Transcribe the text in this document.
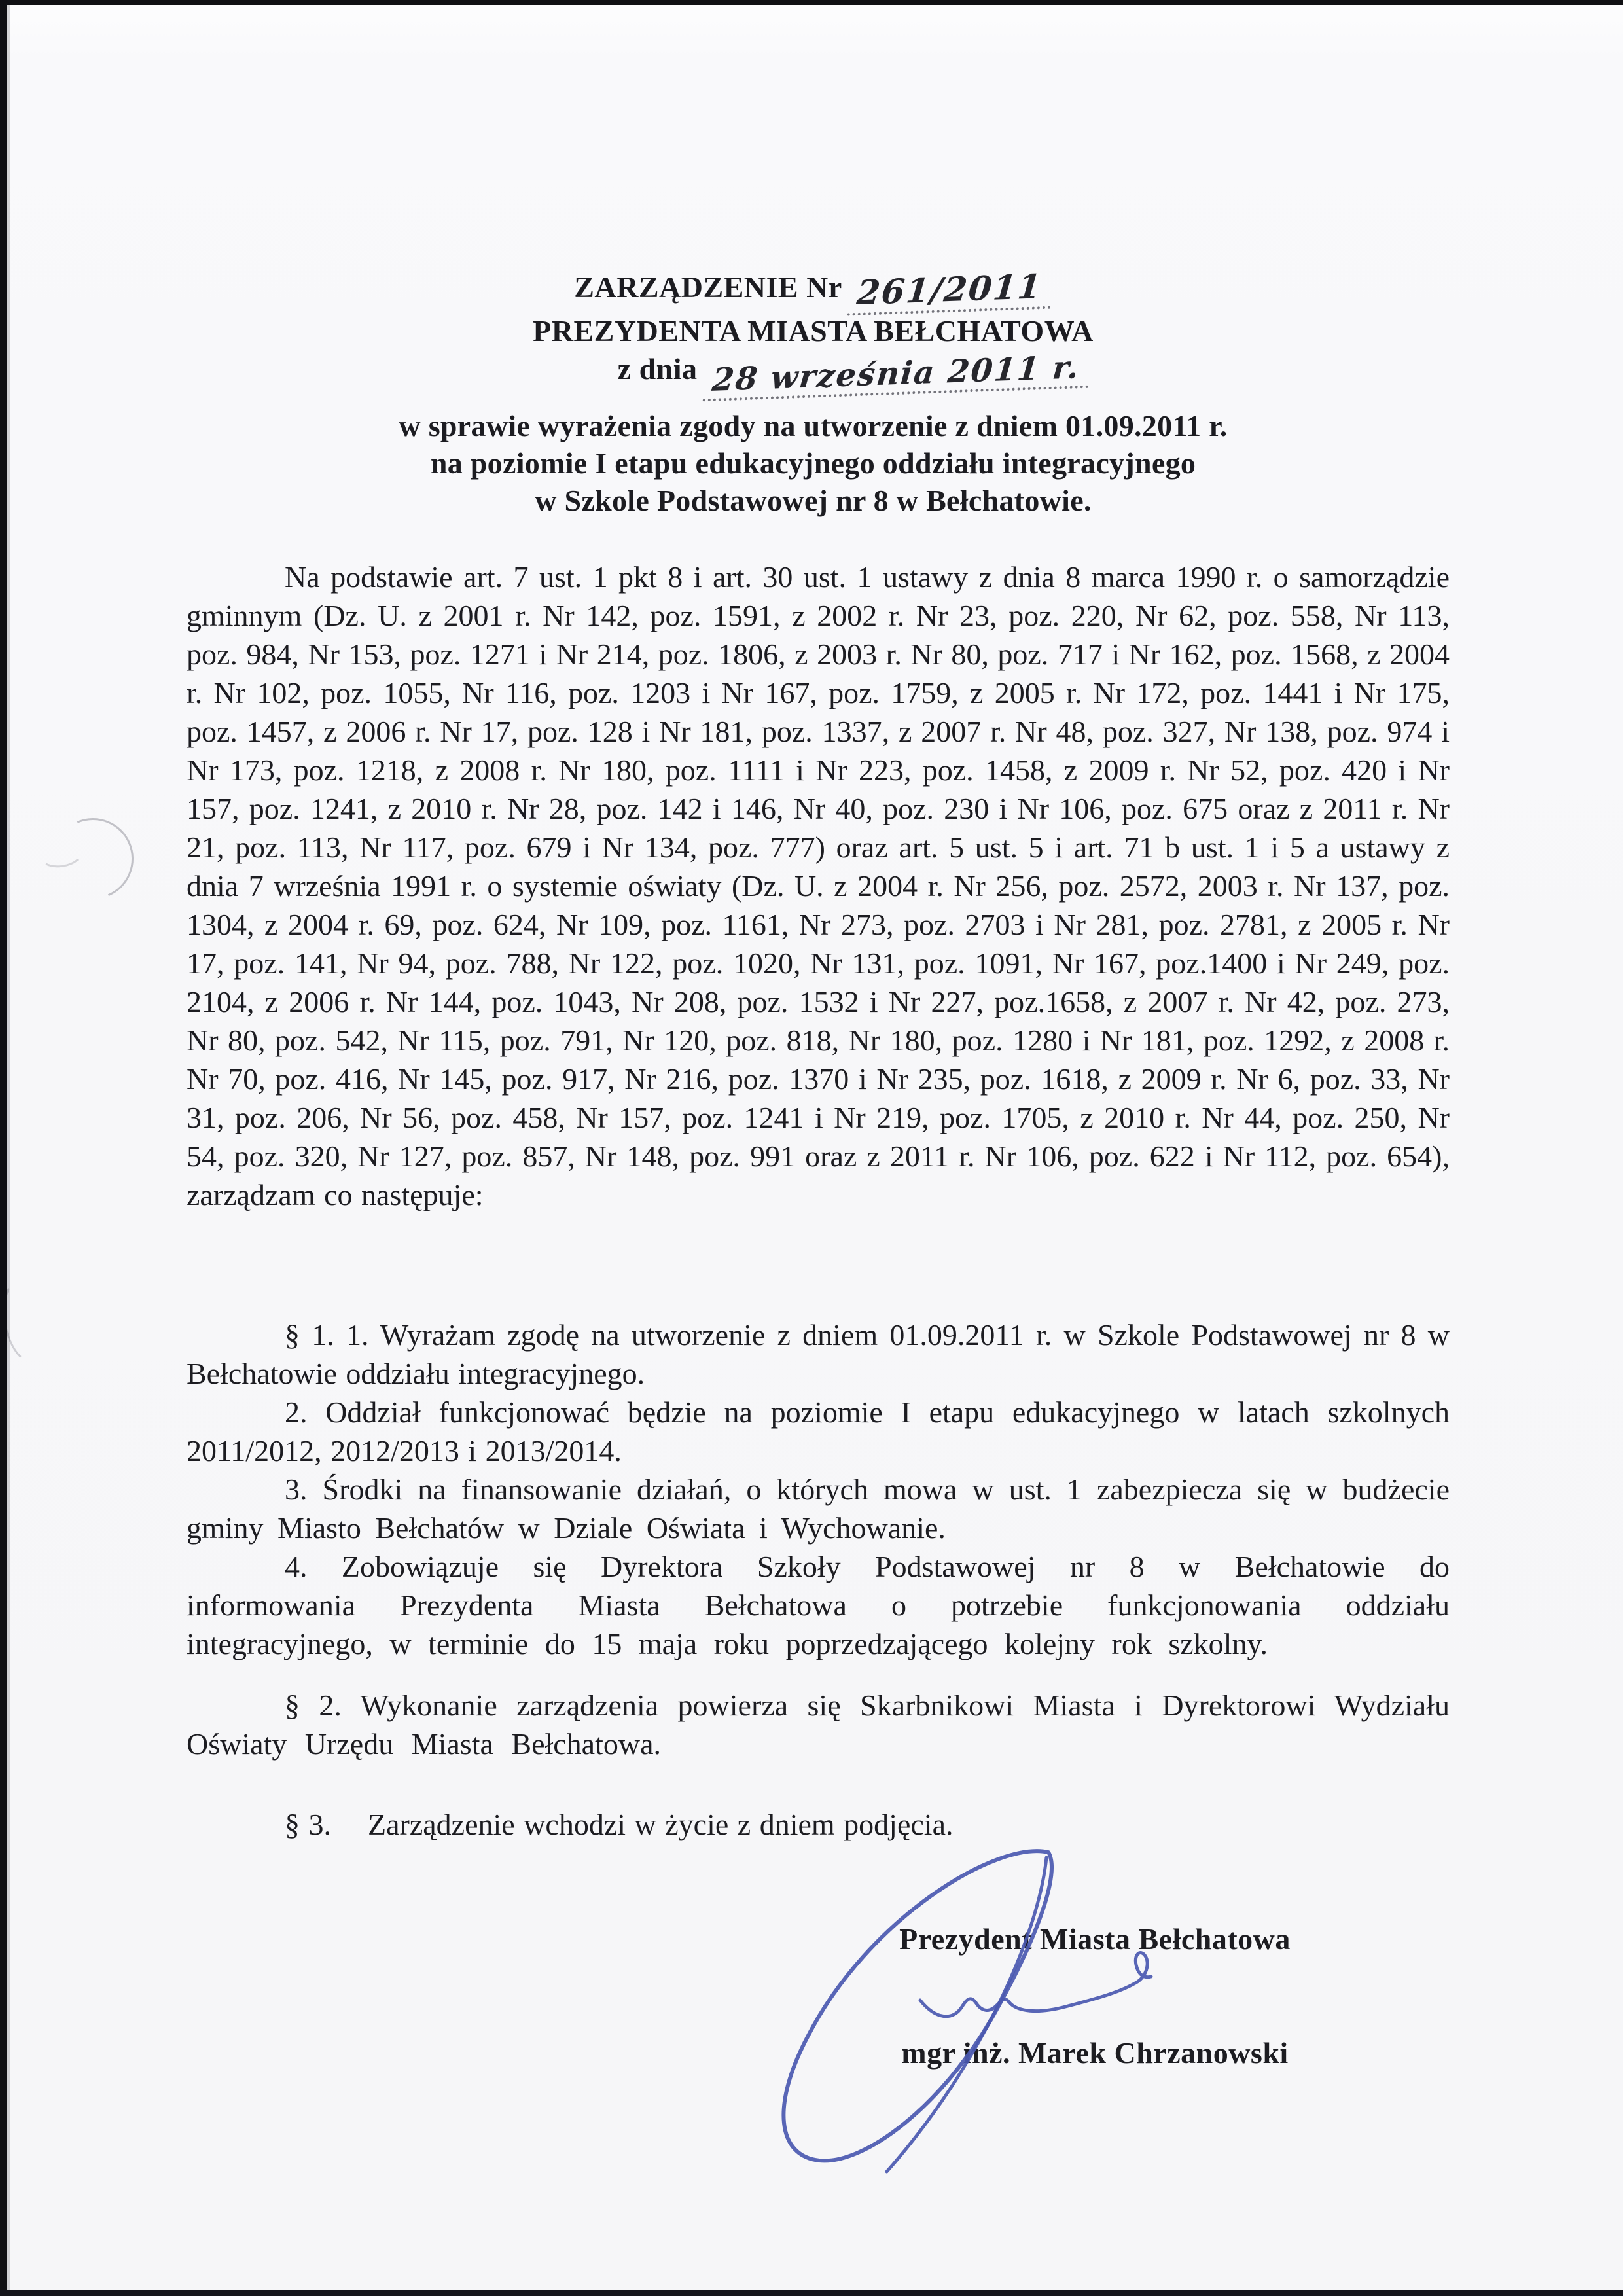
ZARZĄDZENIE Nr 261/2011
PREZYDENTA MIASTA BEŁCHATOWA
z dnia 28 września 2011 r.
w sprawie wyrażenia zgody na utworzenie z dniem 01.09.2011 r.
na poziomie I etapu edukacyjnego oddziału integracyjnego
w Szkole Podstawowej nr 8 w Bełchatowie.
Na podstawie art. 7 ust. 1 pkt 8 i art. 30 ust. 1 ustawy z dnia 8 marca 1990 r. o samorządzie gminnym (Dz. U. z 2001 r. Nr 142, poz. 1591, z 2002 r. Nr 23, poz. 220, Nr 62, poz. 558, Nr 113, poz. 984, Nr 153, poz. 1271 i Nr 214, poz. 1806, z 2003 r. Nr 80, poz. 717 i Nr 162, poz. 1568, z 2004 r. Nr 102, poz. 1055, Nr 116, poz. 1203 i Nr 167, poz. 1759, z 2005 r. Nr 172, poz. 1441 i Nr 175, poz. 1457, z 2006 r. Nr 17, poz. 128 i Nr 181, poz. 1337, z 2007 r. Nr 48, poz. 327, Nr 138, poz. 974 i Nr 173, poz. 1218, z 2008 r. Nr 180, poz. 1111 i Nr 223, poz. 1458, z 2009 r. Nr 52, poz. 420 i Nr 157, poz. 1241, z 2010 r. Nr 28, poz. 142 i 146, Nr 40, poz. 230 i Nr 106, poz. 675 oraz z 2011 r. Nr 21, poz. 113, Nr 117, poz. 679 i Nr 134, poz. 777) oraz art. 5 ust. 5 i art. 71 b ust. 1 i 5 a ustawy z dnia 7 września 1991 r. o systemie oświaty (Dz. U. z 2004 r. Nr 256, poz. 2572, 2003 r. Nr 137, poz. 1304, z 2004 r. 69, poz. 624, Nr 109, poz. 1161, Nr 273, poz. 2703 i Nr 281, poz. 2781, z 2005 r. Nr 17, poz. 141, Nr 94, poz. 788, Nr 122, poz. 1020, Nr 131, poz. 1091, Nr 167, poz.1400 i Nr 249, poz. 2104, z 2006 r. Nr 144, poz. 1043, Nr 208, poz. 1532 i Nr 227, poz.1658, z 2007 r. Nr 42, poz. 273, Nr 80, poz. 542, Nr 115, poz. 791, Nr 120, poz. 818, Nr 180, poz. 1280 i Nr 181, poz. 1292, z 2008 r. Nr 70, poz. 416, Nr 145, poz. 917, Nr 216, poz. 1370 i Nr 235, poz. 1618, z 2009 r. Nr 6, poz. 33, Nr 31, poz. 206, Nr 56, poz. 458, Nr 157, poz. 1241 i Nr 219, poz. 1705, z 2010 r. Nr 44, poz. 250, Nr 54, poz. 320, Nr 127, poz. 857, Nr 148, poz. 991 oraz z 2011 r. Nr 106, poz. 622 i Nr 112, poz. 654), zarządzam co następuje:
§ 1. 1. Wyrażam zgodę na utworzenie z dniem 01.09.2011 r. w Szkole Podstawowej nr 8 w Bełchatowie oddziału integracyjnego.
2. Oddział funkcjonować będzie na poziomie I etapu edukacyjnego w latach szkolnych 2011/2012, 2012/2013 i 2013/2014.
3. Środki na finansowanie działań, o których mowa w ust. 1 zabezpiecza się w budżecie gminy Miasto Bełchatów w Dziale Oświata i Wychowanie.
4. Zobowiązuje się Dyrektora Szkoły Podstawowej nr 8 w Bełchatowie do informowania Prezydenta Miasta Bełchatowa o potrzebie funkcjonowania oddziału integracyjnego, w terminie do 15 maja roku poprzedzającego kolejny rok szkolny.
§ 2. Wykonanie zarządzenia powierza się Skarbnikowi Miasta i Dyrektorowi Wydziału Oświaty Urzędu Miasta Bełchatowa.
§ 3. Zarządzenie wchodzi w życie z dniem podjęcia.
Prezydent Miasta Bełchatowa
mgr inż. Marek Chrzanowski
